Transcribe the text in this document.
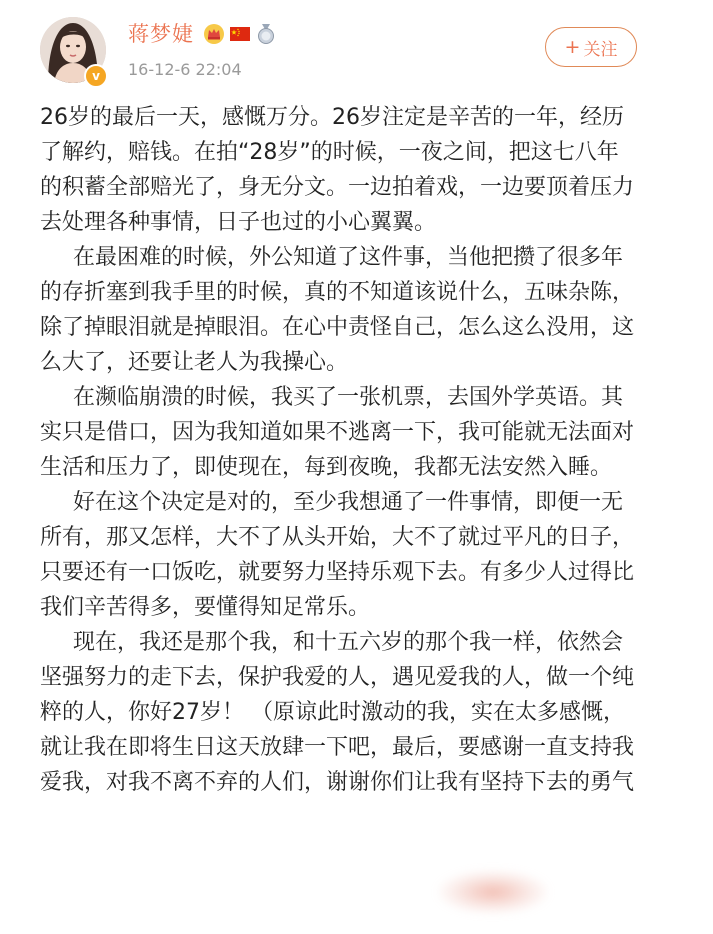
v
蒋梦婕
16-12-6 22:04
+ 关注

26岁的最后一天，感慨万分。26岁注定是辛苦的一年，经历了解约，赔钱。在拍“28岁”的时候，一夜之间，把这七八年的积蓄全部赔光了，身无分文。一边拍着戏，一边要顶着压力去处理各种事情，日子也过的小心翼翼。

在最困难的时候，外公知道了这件事，当他把攒了很多年的存折塞到我手里的时候，真的不知道该说什么，五味杂陈，除了掉眼泪就是掉眼泪。在心中责怪自己，怎么这么没用，这么大了，还要让老人为我操心。

在濒临崩溃的时候，我买了一张机票，去国外学英语。其实只是借口，因为我知道如果不逃离一下，我可能就无法面对生活和压力了，即使现在，每到夜晚，我都无法安然入睡。

好在这个决定是对的，至少我想通了一件事情，即便一无所有，那又怎样，大不了从头开始，大不了就过平凡的日子，只要还有一口饭吃，就要努力坚持乐观下去。有多少人过得比我们辛苦得多，要懂得知足常乐。

现在，我还是那个我，和十五六岁的那个我一样，依然会坚强努力的走下去，保护我爱的人，遇见爱我的人，做一个纯粹的人，你好27岁！ （原谅此时激动的我，实在太多感慨，就让我在即将生日这天放肆一下吧，最后，要感谢一直支持我爱我，对我不离不弃的人们，谢谢你们让我有坚持下去的勇气
